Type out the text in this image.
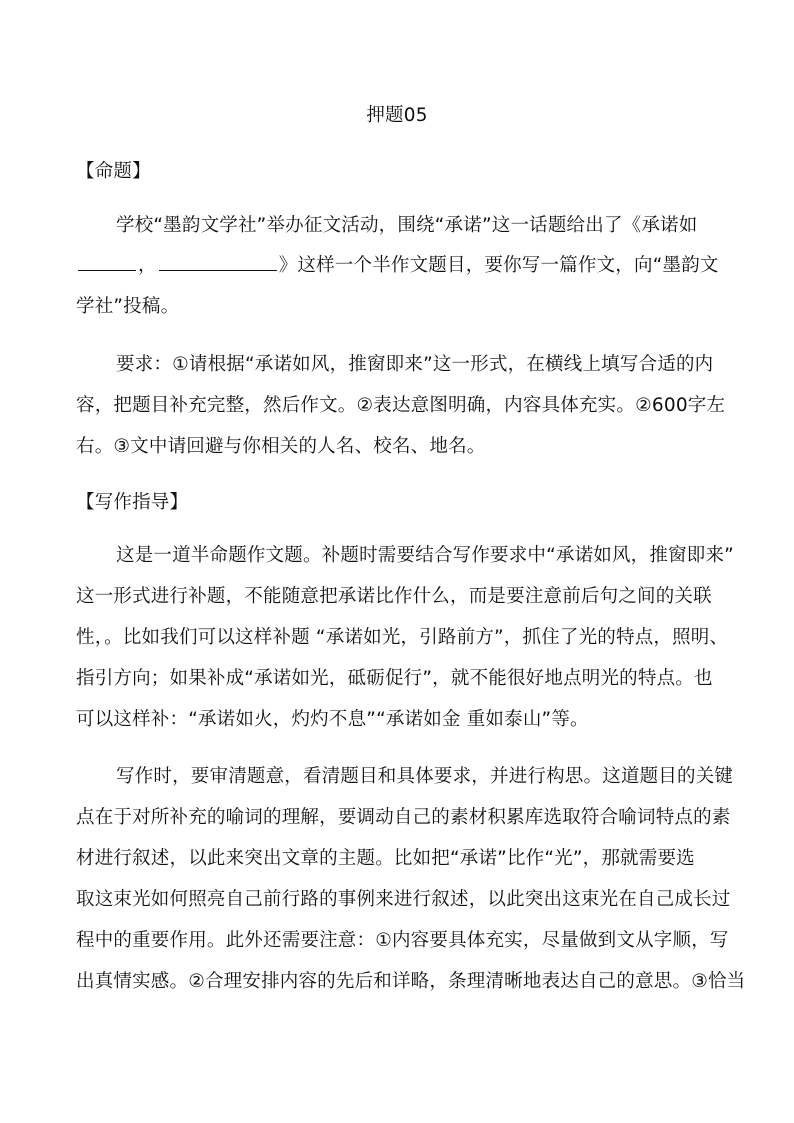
押题05
【命题】
学校“墨韵文学社”举办征文活动，围绕“承诺”这一话题给出了《承诺如
，	》这样一个半作文题目，要你写一篇作文，向“墨韵文
学社”投稿。
要求：①请根据“承诺如风，推窗即来”这一形式，在横线上填写合适的内
容，把题目补充完整，然后作文。②表达意图明确，内容具体充实。②600字左
右。③文中请回避与你相关的人名、校名、地名。
【写作指导】
这是一道半命题作文题。补题时需要结合写作要求中“承诺如风，推窗即来”
这一形式进行补题，不能随意把承诺比作什么，而是要注意前后句之间的关联
性，。比如我们可以这样补题 “承诺如光，引路前方”，抓住了光的特点，照明、
指引方向；如果补成“承诺如光，砥砺促行”，就不能很好地点明光的特点。也
可以这样补：“承诺如火，灼灼不息”“承诺如金 重如泰山”等。
写作时，要审清题意，看清题目和具体要求，并进行构思。这道题目的关键
点在于对所补充的喻词的理解，要调动自己的素材积累库选取符合喻词特点的素
材进行叙述，以此来突出文章的主题。比如把“承诺”比作“光”，那就需要选
取这束光如何照亮自己前行路的事例来进行叙述，以此突出这束光在自己成长过
程中的重要作用。此外还需要注意：①内容要具体充实，尽量做到文从字顺，写
出真情实感。②合理安排内容的先后和详略，条理清晰地表达自己的意思。③恰当
